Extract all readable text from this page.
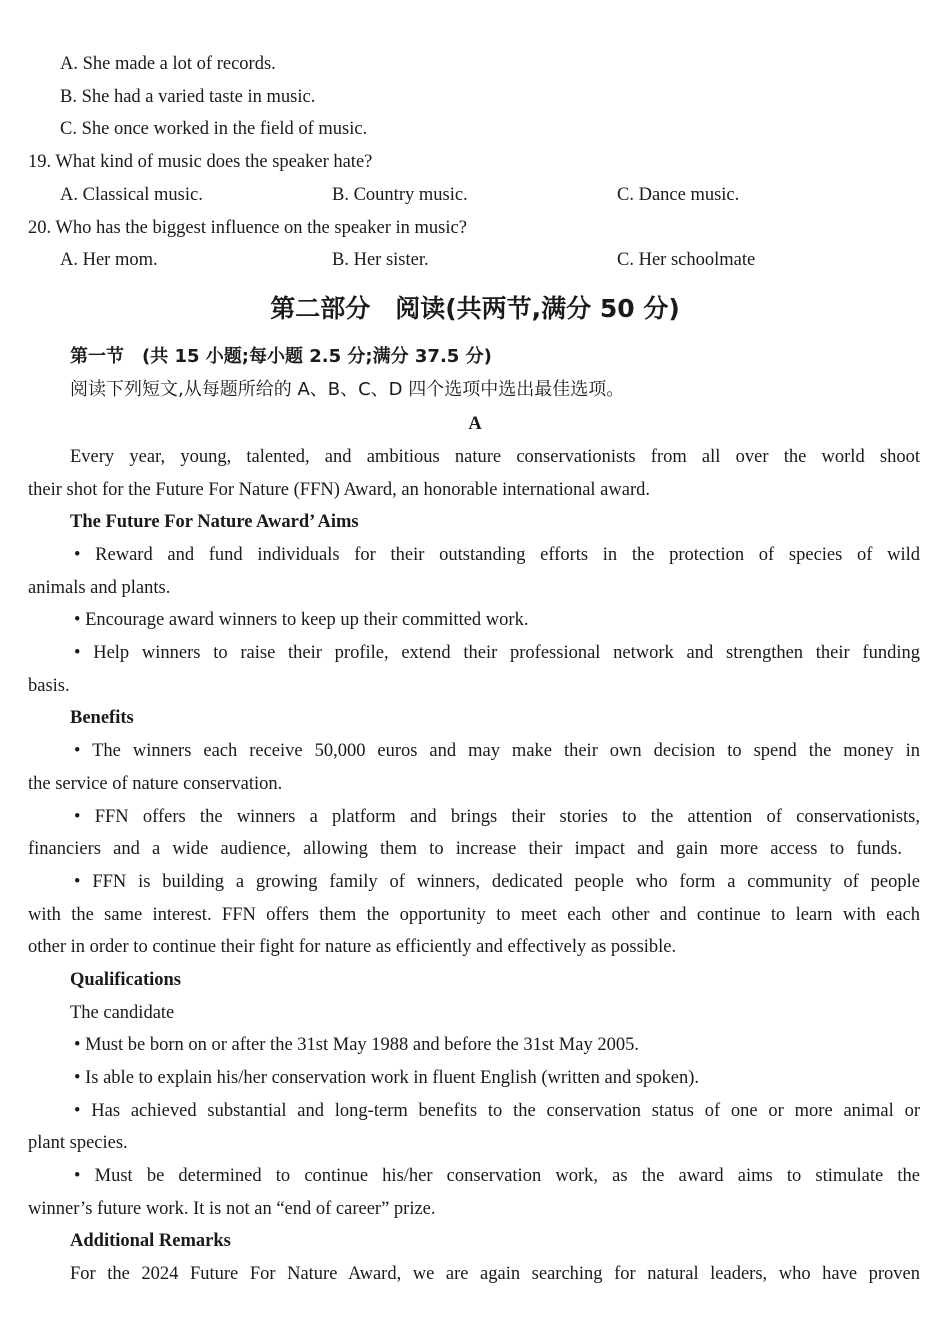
A. She made a lot of records.
B. She had a varied taste in music.
C. She once worked in the field of music.
19. What kind of music does the speaker hate?
A. Classical music.	B. Country music.	C. Dance music.
20. Who has the biggest influence on the speaker in music?
A. Her mom.	B. Her sister.	C. Her schoolmate
第二部分　阅读(共两节,满分 50 分)
第一节　(共 15 小题;每小题 2.5 分;满分 37.5 分)
阅读下列短文,从每题所给的 A、B、C、D 四个选项中选出最佳选项。
A
Every year, young, talented, and ambitious nature conservationists from all over the world shoot
their shot for the Future For Nature (FFN) Award, an honorable international award.
The Future For Nature Award’ Aims
• Reward and fund individuals for their outstanding efforts in the protection of species of wild
animals and plants.
• Encourage award winners to keep up their committed work.
• Help winners to raise their profile, extend their professional network and strengthen their funding
basis.
Benefits
• The winners each receive 50,000 euros and may make their own decision to spend the money in
the service of nature conservation.
• FFN offers the winners a platform and brings their stories to the attention of conservationists,
financiers and a wide audience, allowing them to increase their impact and gain more access to funds.
• FFN is building a growing family of winners, dedicated people who form a community of people
with the same interest. FFN offers them the opportunity to meet each other and continue to learn with each
other in order to continue their fight for nature as efficiently and effectively as possible.
Qualifications
The candidate
• Must be born on or after the 31st May 1988 and before the 31st May 2005.
• Is able to explain his/her conservation work in fluent English (written and spoken).
• Has achieved substantial and long-term benefits to the conservation status of one or more animal or
plant species.
• Must be determined to continue his/her conservation work, as the award aims to stimulate the
winner’s future work. It is not an “end of career” prize.
Additional Remarks
For the 2024 Future For Nature Award, we are again searching for natural leaders, who have proven
